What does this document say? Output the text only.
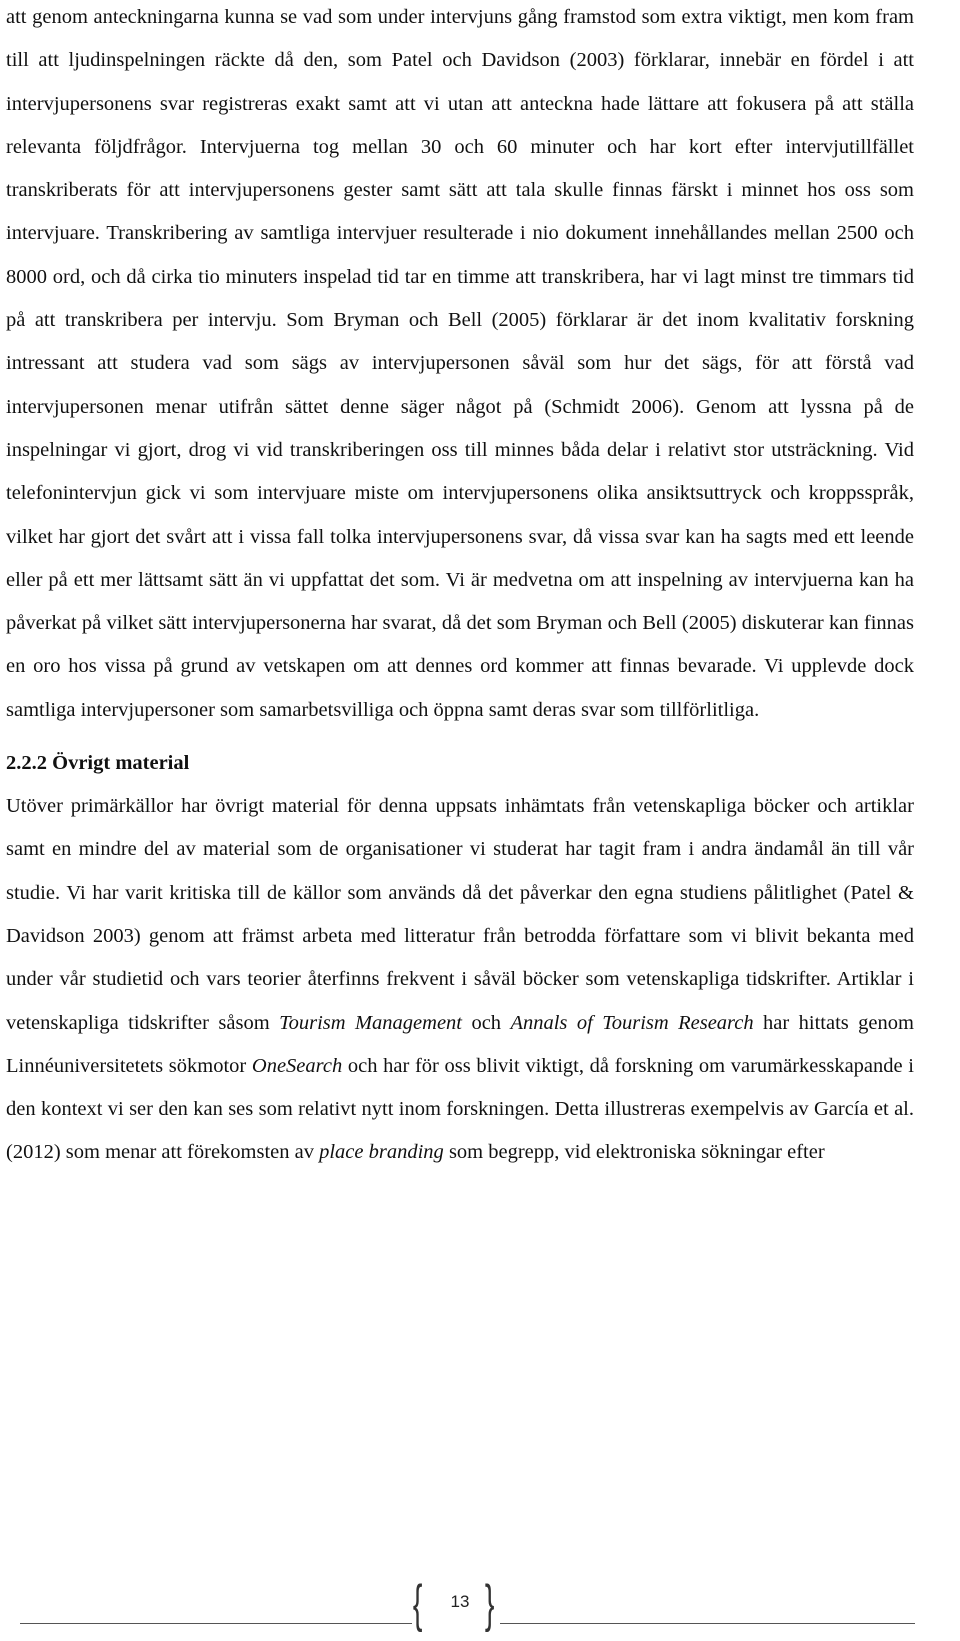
att genom anteckningarna kunna se vad som under intervjuns gång framstod som extra viktigt, men kom fram till att ljudinspelningen räckte då den, som Patel och Davidson (2003) förklarar, innebär en fördel i att intervjupersonens svar registreras exakt samt att vi utan att anteckna hade lättare att fokusera på att ställa relevanta följdfrågor. Intervjuerna tog mellan 30 och 60 minuter och har kort efter intervjutillfället transkriberats för att intervjupersonens gester samt sätt att tala skulle finnas färskt i minnet hos oss som intervjuare. Transkribering av samtliga intervjuer resulterade i nio dokument innehållandes mellan 2500 och 8000 ord, och då cirka tio minuters inspelad tid tar en timme att transkribera, har vi lagt minst tre timmars tid på att transkribera per intervju. Som Bryman och Bell (2005) förklarar är det inom kvalitativ forskning intressant att studera vad som sägs av intervjupersonen såväl som hur det sägs, för att förstå vad intervjupersonen menar utifrån sättet denne säger något på (Schmidt 2006). Genom att lyssna på de inspelningar vi gjort, drog vi vid transkriberingen oss till minnes båda delar i relativt stor utsträckning. Vid telefonintervjun gick vi som intervjuare miste om intervjupersonens olika ansiktsuttryck och kroppsspråk, vilket har gjort det svårt att i vissa fall tolka intervjupersonens svar, då vissa svar kan ha sagts med ett leende eller på ett mer lättsamt sätt än vi uppfattat det som. Vi är medvetna om att inspelning av intervjuerna kan ha påverkat på vilket sätt intervjupersonerna har svarat, då det som Bryman och Bell (2005) diskuterar kan finnas en oro hos vissa på grund av vetskapen om att dennes ord kommer att finnas bevarade. Vi upplevde dock samtliga intervjupersoner som samarbetsvilliga och öppna samt deras svar som tillförlitliga.

2.2.2 Övrigt material

Utöver primärkällor har övrigt material för denna uppsats inhämtats från vetenskapliga böcker och artiklar samt en mindre del av material som de organisationer vi studerat har tagit fram i andra ändamål än till vår studie. Vi har varit kritiska till de källor som används då det påverkar den egna studiens pålitlighet (Patel & Davidson 2003) genom att främst arbeta med litteratur från betrodda författare som vi blivit bekanta med under vår studietid och vars teorier återfinns frekvent i såväl böcker som vetenskapliga tidskrifter. Artiklar i vetenskapliga tidskrifter såsom Tourism Management och Annals of Tourism Research har hittats genom Linnéuniversitetets sökmotor OneSearch och har för oss blivit viktigt, då forskning om varumärkesskapande i den kontext vi ser den kan ses som relativt nytt inom forskningen. Detta illustreras exempelvis av García et al. (2012) som menar att förekomsten av place branding som begrepp, vid elektroniska sökningar efter

{	13 }
